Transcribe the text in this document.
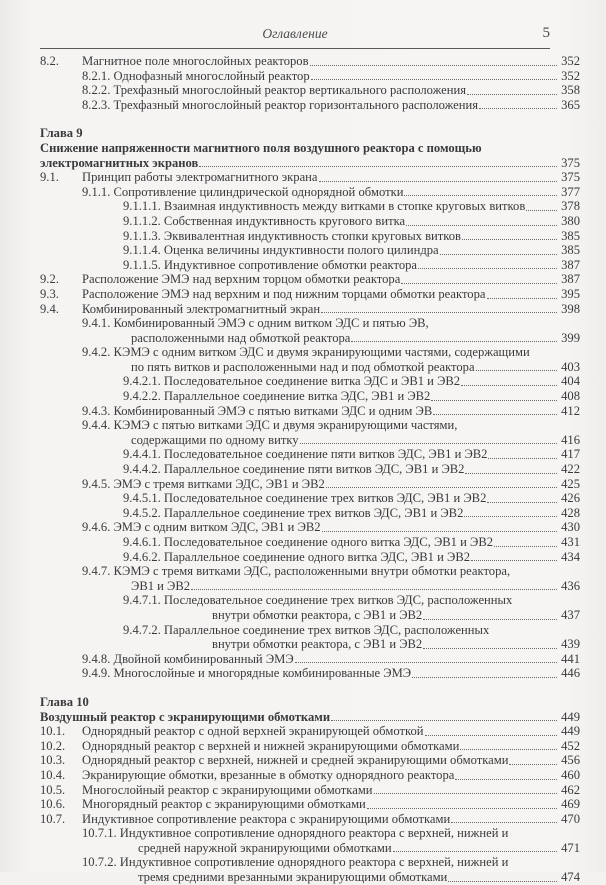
Оглавление	5
8.2.	Магнитное поле многослойных реакторов	352
8.2.1. Однофазный многослойный реактор	352
8.2.2. Трехфазный многослойный реактор вертикального расположения	358
8.2.3. Трехфазный многослойный реактор горизонтального расположения	365
Глава 9
Снижение напряженности магнитного поля воздушного реактора с помощью
электромагнитных экранов	375
9.1.	Принцип работы электромагнитного экрана	375
9.1.1. Сопротивление цилиндрической однорядной обмотки	377
9.1.1.1. Взаимная индуктивность между витками в стопке круговых витков	378
9.1.1.2. Собственная индуктивность кругового витка	380
9.1.1.3. Эквивалентная индуктивность стопки круговых витков	385
9.1.1.4. Оценка величины индуктивности полого цилиндра	385
9.1.1.5. Индуктивное сопротивление обмотки реактора	387
9.2.	Расположение ЭМЭ над верхним торцом обмотки реактора	387
9.3.	Расположение ЭМЭ над верхним и под нижним торцами обмотки реактора	395
9.4.	Комбинированный электромагнитный экран	398
9.4.1. Комбинированный ЭМЭ с одним витком ЭДС и пятью ЭВ,
расположенными над обмоткой реактора	399
9.4.2. КЭМЭ с одним витком ЭДС и двумя экранирующими частями, содержащими
по пять витков и расположенными над и под обмоткой реактора	403
9.4.2.1. Последовательное соединение витка ЭДС и ЭВ1 и ЭВ2	404
9.4.2.2. Параллельное соединение витка ЭДС, ЭВ1 и ЭВ2	408
9.4.3. Комбинированный ЭМЭ с пятью витками ЭДС и одним ЭВ	412
9.4.4. КЭМЭ с пятью витками ЭДС и двумя экранирующими частями,
содержащими по одному витку	416
9.4.4.1. Последовательное соединение пяти витков ЭДС, ЭВ1 и ЭВ2	417
9.4.4.2. Параллельное соединение пяти витков ЭДС, ЭВ1 и ЭВ2	422
9.4.5. ЭМЭ с тремя витками ЭДС, ЭВ1 и ЭВ2	425
9.4.5.1. Последовательное соединение трех витков ЭДС, ЭВ1 и ЭВ2	426
9.4.5.2. Параллельное соединение трех витков ЭДС, ЭВ1 и ЭВ2	428
9.4.6. ЭМЭ с одним витком ЭДС, ЭВ1 и ЭВ2	430
9.4.6.1. Последовательное соединение одного витка ЭДС, ЭВ1 и ЭВ2	431
9.4.6.2. Параллельное соединение одного витка ЭДС, ЭВ1 и ЭВ2	434
9.4.7. КЭМЭ с тремя витками ЭДС, расположенными внутри обмотки реактора,
ЭВ1 и ЭВ2	436
9.4.7.1. Последовательное соединение трех витков ЭДС, расположенных
внутри обмотки реактора, с ЭВ1 и ЭВ2	437
9.4.7.2. Параллельное соединение трех витков ЭДС, расположенных
внутри обмотки реактора, с ЭВ1 и ЭВ2	439
9.4.8. Двойной комбинированный ЭМЭ	441
9.4.9. Многослойные и многорядные комбинированные ЭМЭ	446
Глава 10
Воздушный реактор с экранирующими обмотками	449
10.1.	Однорядный реактор с одной верхней экранирующей обмоткой	449
10.2.	Однорядный реактор с верхней и нижней экранирующими обмотками	452
10.3.	Однорядный реактор с верхней, нижней и средней экранирующими обмотками	456
10.4.	Экранирующие обмотки, врезанные в обмотку однорядного реактора	460
10.5.	Многослойный реактор с экранирующими обмотками	462
10.6.	Многорядный реактор с экранирующими обмотками	469
10.7.	Индуктивное сопротивление реактора с экранирующими обмотками	470
10.7.1. Индуктивное сопротивление однорядного реактора с верхней, нижней и
средней наружной экранирующими обмотками	471
10.7.2. Индуктивное сопротивление однорядного реактора с верхней, нижней и
тремя средними врезанными экранирующими обмотками	474
